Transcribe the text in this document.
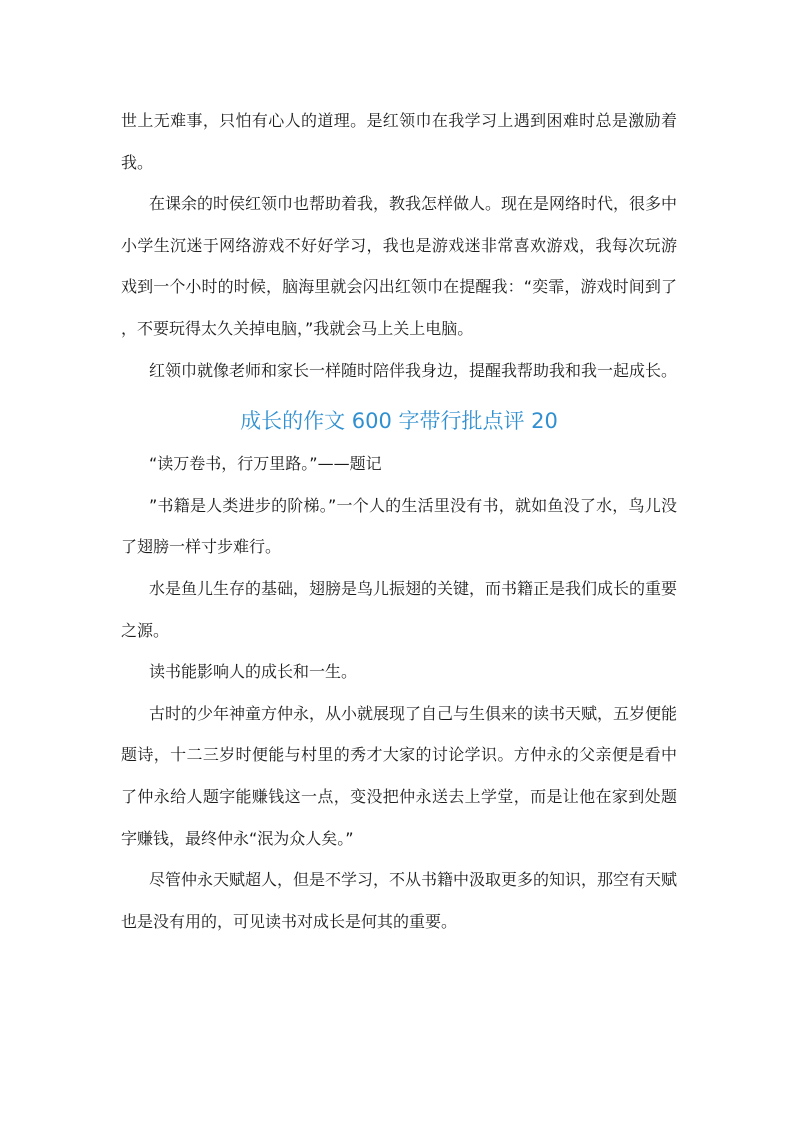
世上无难事，只怕有心人的道理。是红领巾在我学习上遇到困难时总是激励着我。

在课余的时侯红领巾也帮助着我，教我怎样做人。现在是网络时代，很多中小学生沉迷于网络游戏不好好学习，我也是游戏迷非常喜欢游戏，我每次玩游戏到一个小时的时候，脑海里就会闪出红领巾在提醒我：“奕霏，游戏时间到了，不要玩得太久关掉电脑，”我就会马上关上电脑。

红领巾就像老师和家长一样随时陪伴我身边，提醒我帮助我和我一起成长。

成长的作文 600 字带行批点评 20

“读万卷书，行万里路。”——题记

”书籍是人类进步的阶梯。”一个人的生活里没有书，就如鱼没了水，鸟儿没了翅膀一样寸步难行。

水是鱼儿生存的基础，翅膀是鸟儿振翅的关键，而书籍正是我们成长的重要之源。

读书能影响人的成长和一生。

古时的少年神童方仲永，从小就展现了自己与生俱来的读书天赋，五岁便能题诗，十二三岁时便能与村里的秀才大家的讨论学识。方仲永的父亲便是看中了仲永给人题字能赚钱这一点，变没把仲永送去上学堂，而是让他在家到处题字赚钱，最终仲永“泯为众人矣。”

尽管仲永天赋超人，但是不学习，不从书籍中汲取更多的知识，那空有天赋也是没有用的，可见读书对成长是何其的重要。
